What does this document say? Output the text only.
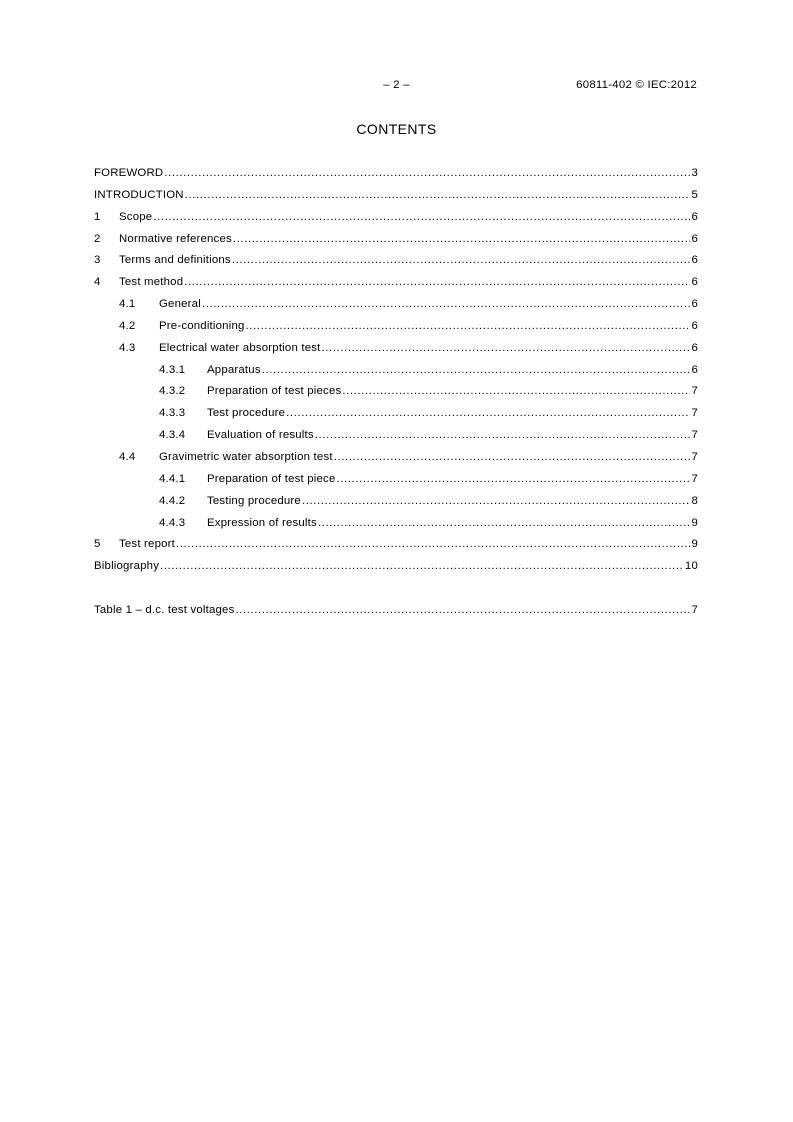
– 2 –	60811-402 © IEC:2012
CONTENTS
FOREWORD .....	3
INTRODUCTION .....	5
1	Scope .....	6
2	Normative references .....	6
3	Terms and definitions .....	6
4	Test method .....	6
4.1	General .....	6
4.2	Pre-conditioning .....	6
4.3	Electrical water absorption test .....	6
4.3.1	Apparatus .....	6
4.3.2	Preparation of test pieces .....	7
4.3.3	Test procedure .....	7
4.3.4	Evaluation of results .....	7
4.4	Gravimetric water absorption test .....	7
4.4.1	Preparation of test piece .....	7
4.4.2	Testing procedure .....	8
4.4.3	Expression of results .....	9
5	Test report .....	9
Bibliography .....	10
Table 1 – d.c. test voltages .....	7
